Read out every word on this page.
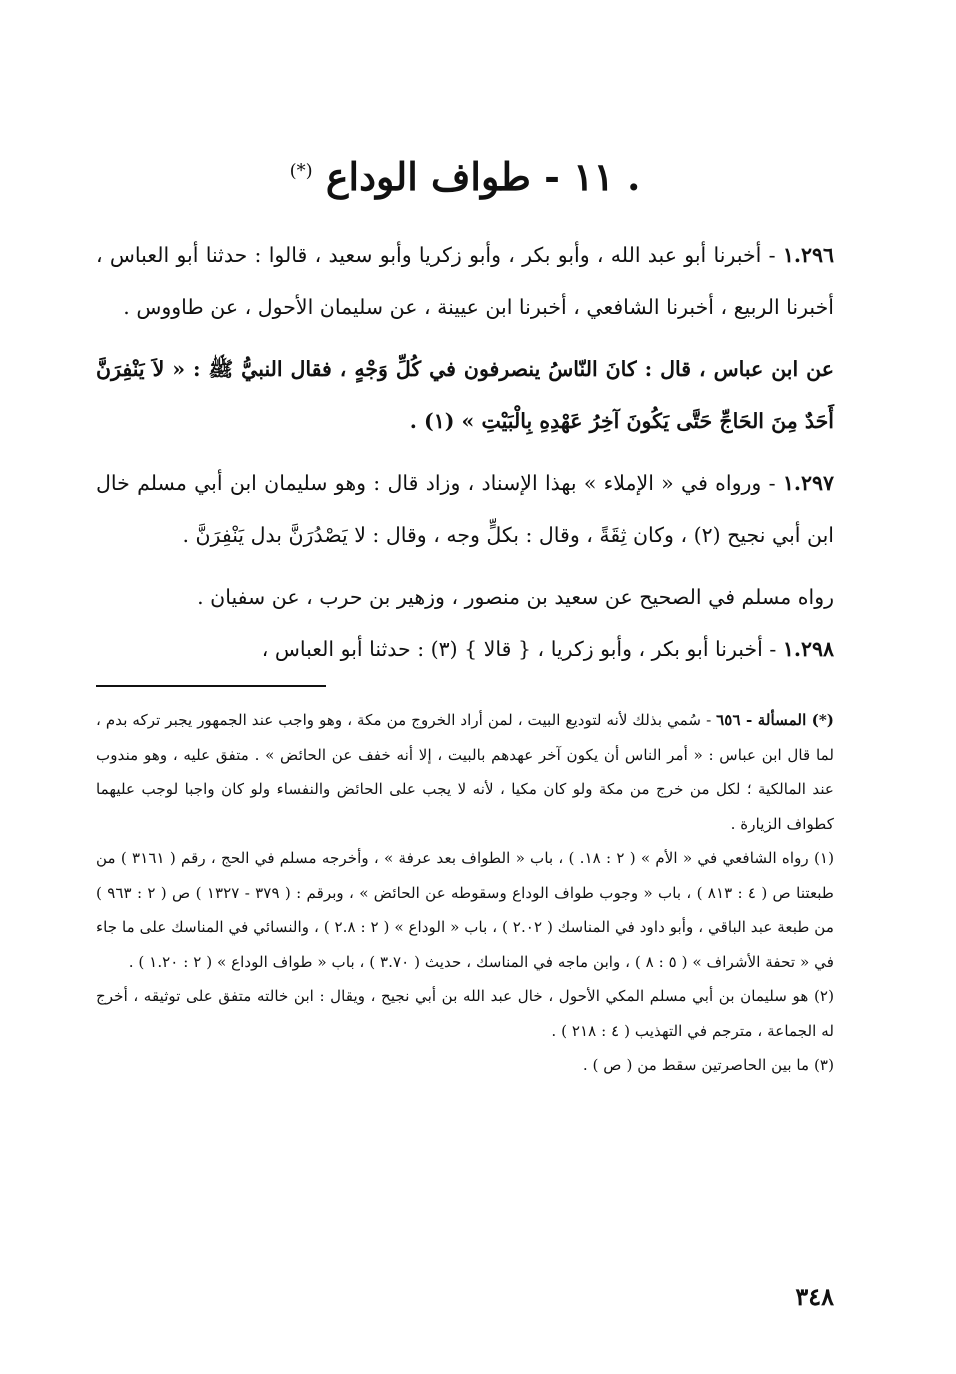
. ١١ - طواف الوداع (*)

١.٢٩٦ - أخبرنا أبو عبد الله ، وأبو بكر ، وأبو زكريا وأبو سعيد ، قالوا : حدثنا أبو العباس ، أخبرنا الربيع ، أخبرنا الشافعي ، أخبرنا ابن عيينة ، عن سليمان الأحول ، عن طاووس .

عن ابن عباس ، قال : كانَ النّاسُ ينصرفون في كُلِّ وَجْهٍ ، فقال النبيُّ ﷺ : « لاَ يَنْفِرَنَّ أَحَدٌ مِنَ الحَاجِّ حَتَّى يَكُونَ آخِرُ عَهْدِهِ بِالْبَيْتِ » (١) .

١.٢٩٧ - ورواه في « الإملاء » بهذا الإسناد ، وزاد قال : وهو سليمان ابن أبي مسلم خال ابن أبي نجيح (٢) ، وكان ثِقَةً ، وقال : بكلٍّ وجه ، وقال : لا يَصْدُرَنَّ بدل يَنْفِرَنَّ .

رواه مسلم في الصحيح عن سعيد بن منصور ، وزهير بن حرب ، عن سفيان .

١.٢٩٨ - أخبرنا أبو بكر ، وأبو زكريا ، { قالا } (٣) : حدثنا أبو العباس ،

(*) المسألة - ٦٥٦ - سُمي بذلك لأنه لتوديع البيت ، لمن أراد الخروج من مكة ، وهو واجب عند الجمهور يجبر تركه بدم ، لما قال ابن عباس : « أمر الناس أن يكون آخر عهدهم بالبيت ، إلا أنه خفف عن الحائض » . متفق عليه ، وهو مندوب عند المالكية ؛ لكل من خرج من مكة ولو كان مكيا ، لأنه لا يجب على الحائض والنفساء ولو كان واجبا لوجب عليهما كطواف الزيارة .

(١) رواه الشافعي في « الأم » ( ٢ : ١٨. ) ، باب « الطواف بعد عرفة » ، وأخرجه مسلم في الحج ، رقم ( ٣١٦١ ) من طبعتنا ص ( ٤ : ٨١٣ ) ، باب « وجوب طواف الوداع وسقوطه عن الحائض » ، وبرقم : ( ٣٧٩ - ١٣٢٧ ) ص ( ٢ : ٩٦٣ ) من طبعة عبد الباقي ، وأبو داود في المناسك ( ٢.٠٢ ) ، باب « الوداع » ( ٢ : ٢.٨ ) ، والنسائي في المناسك على ما جاء في « تحفة الأشراف » ( ٥ : ٨ ) ، وابن ماجه في المناسك ، حديث ( ٣.٧٠ ) ، باب « طواف الوداع » ( ٢ : ١.٢٠ ) .

(٢) هو سليمان بن أبي مسلم المكي الأحول ، خال عبد الله بن أبي نجيح ، ويقال : ابن خالته متفق على توثيقه ، أخرج له الجماعة ، مترجم في التهذيب ( ٤ : ٢١٨ ) .

(٣) ما بين الحاصرتين سقط من ( ص ) .

٣٤٨
